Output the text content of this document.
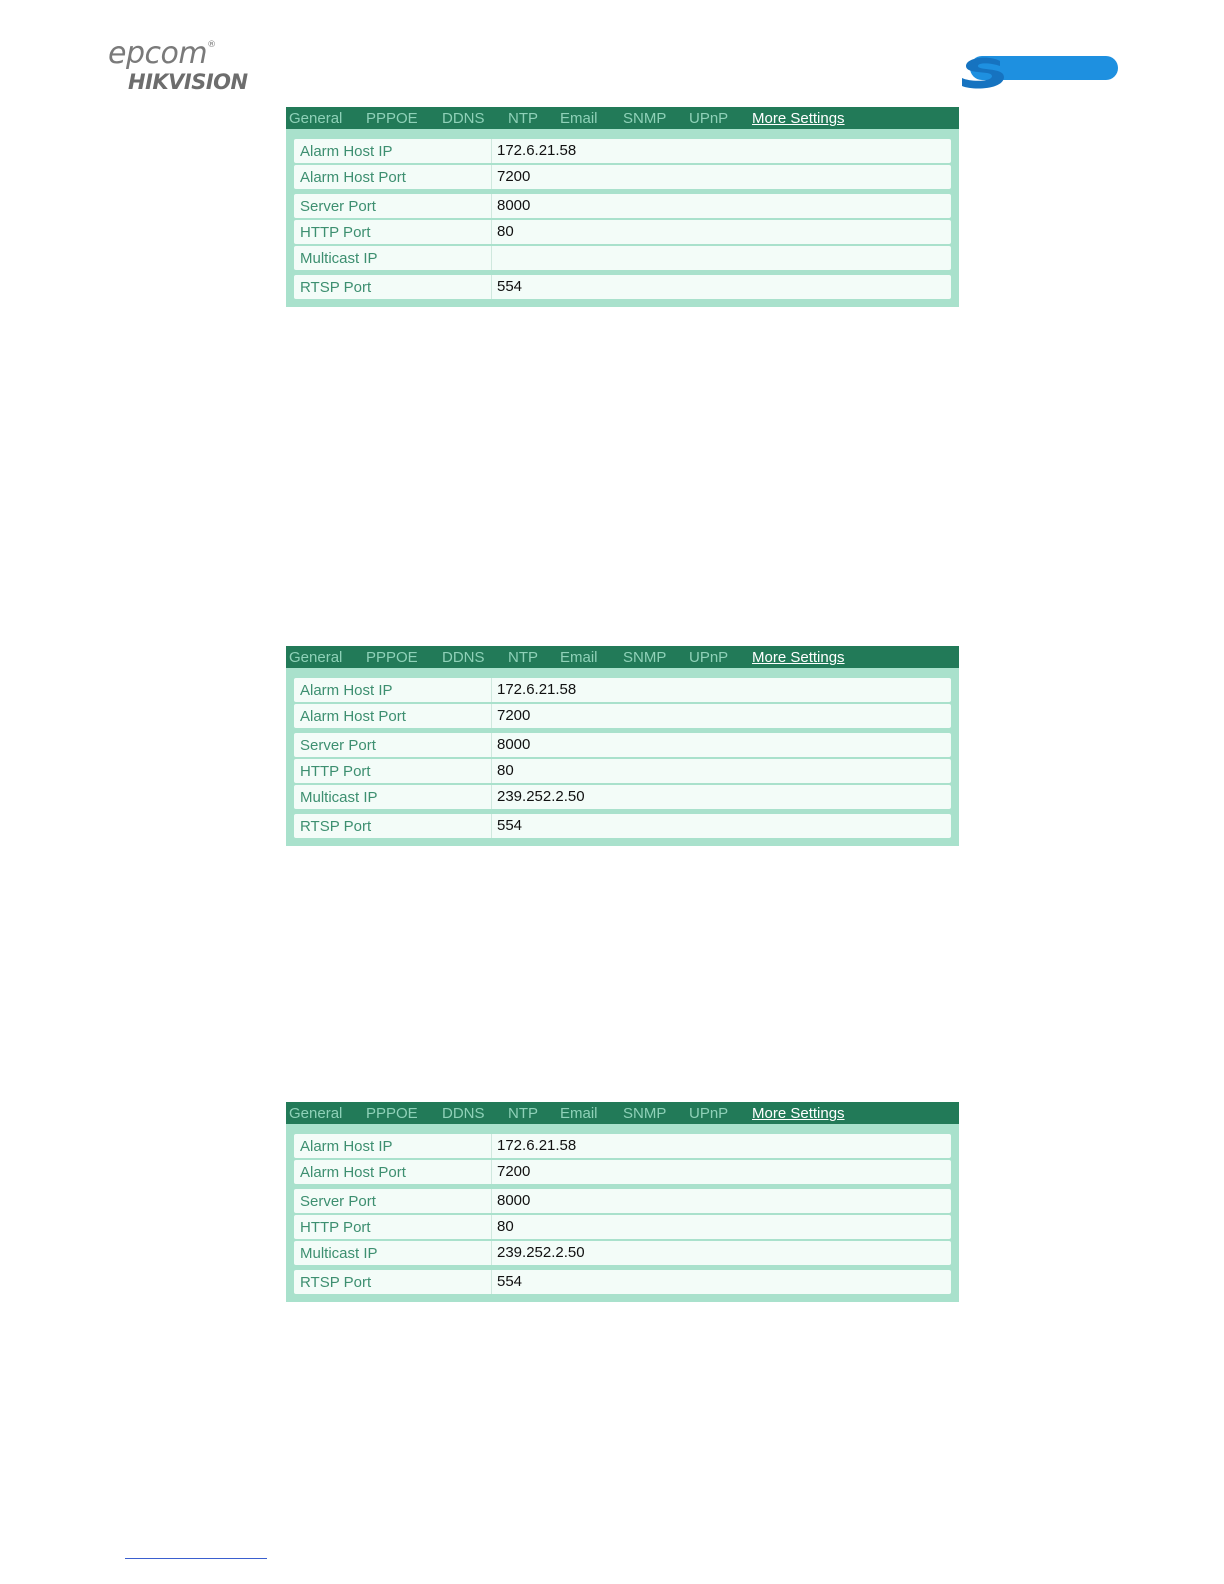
epcom®
HIKVISION
General PPPOE DDNS NTP Email SNMP UPnP More Settings
Alarm Host IP	172.6.21.58
Alarm Host Port	7200
Server Port	8000
HTTP Port	80
Multicast IP
RTSP Port	554
General PPPOE DDNS NTP Email SNMP UPnP More Settings
Alarm Host IP	172.6.21.58
Alarm Host Port	7200
Server Port	8000
HTTP Port	80
Multicast IP	239.252.2.50
RTSP Port	554
General PPPOE DDNS NTP Email SNMP UPnP More Settings
Alarm Host IP	172.6.21.58
Alarm Host Port	7200
Server Port	8000
HTTP Port	80
Multicast IP	239.252.2.50
RTSP Port	554
